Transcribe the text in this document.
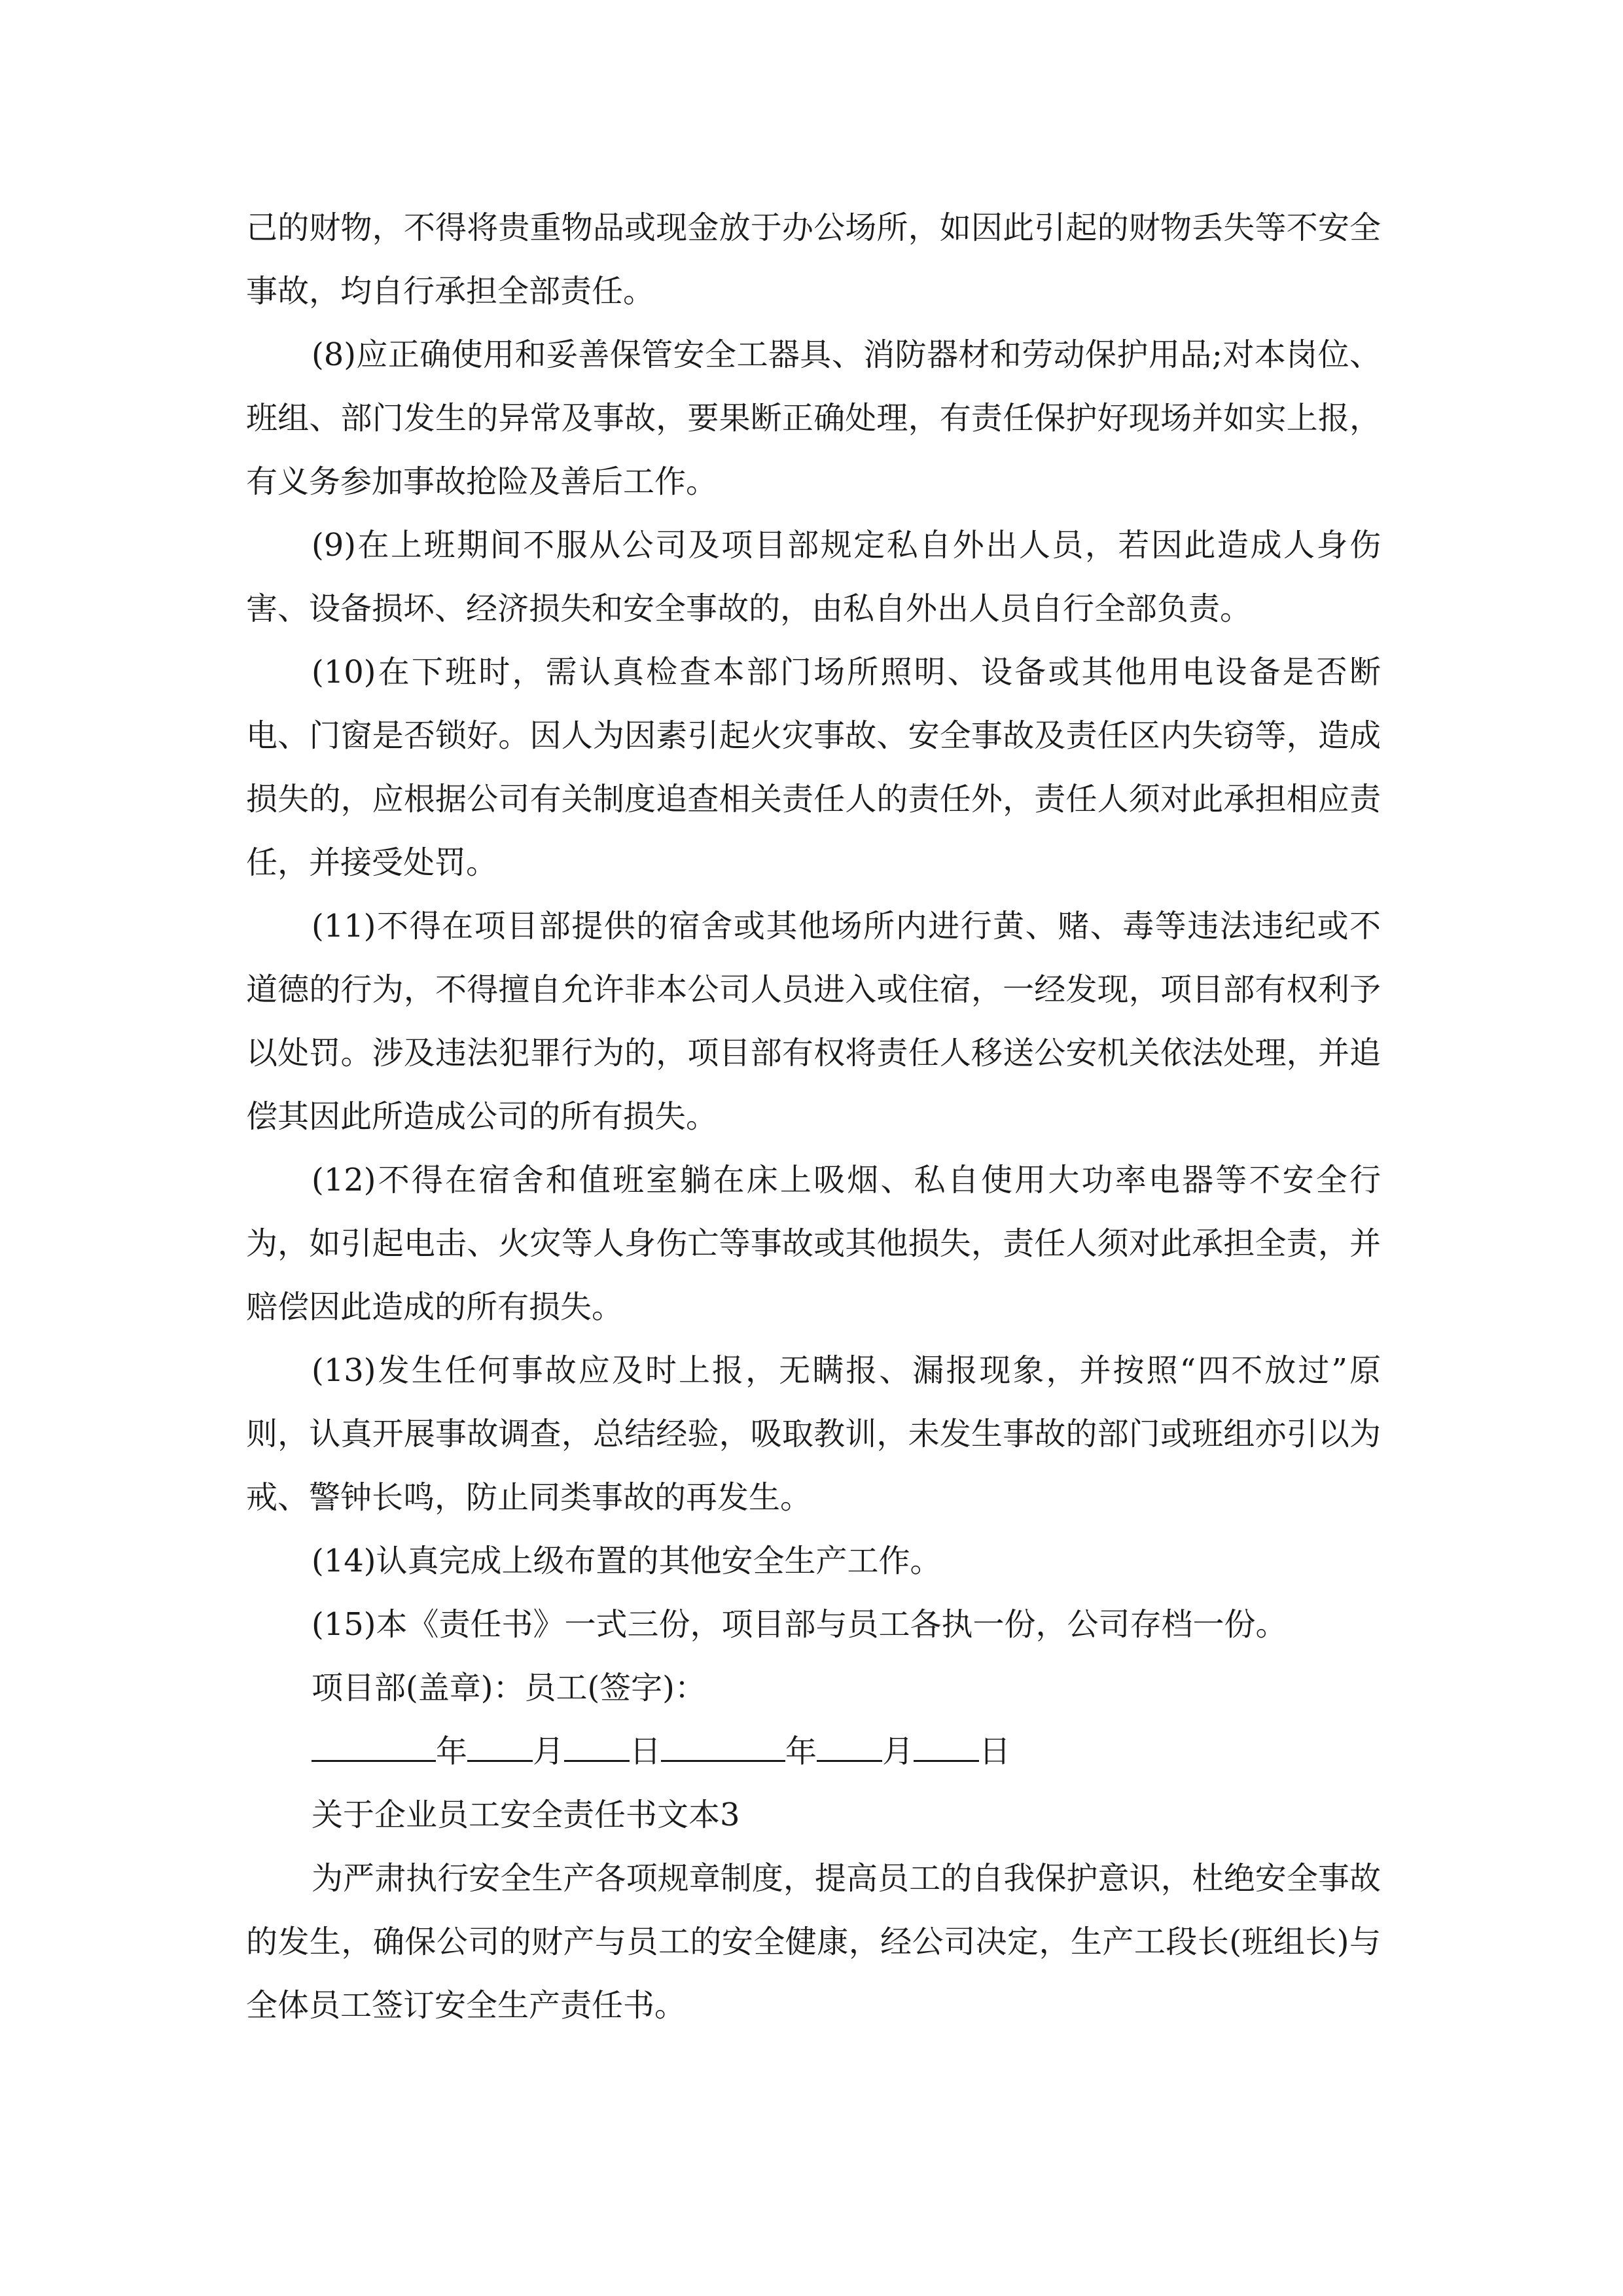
己的财物，不得将贵重物品或现金放于办公场所，如因此引起的财物丢失等不安全事故，均自行承担全部责任。

(8)应正确使用和妥善保管安全工器具、消防器材和劳动保护用品;对本岗位、班组、部门发生的异常及事故，要果断正确处理，有责任保护好现场并如实上报，有义务参加事故抢险及善后工作。

(9)在上班期间不服从公司及项目部规定私自外出人员，若因此造成人身伤害、设备损坏、经济损失和安全事故的，由私自外出人员自行全部负责。

(10)在下班时，需认真检查本部门场所照明、设备或其他用电设备是否断电、门窗是否锁好。因人为因素引起火灾事故、安全事故及责任区内失窃等，造成损失的，应根据公司有关制度追查相关责任人的责任外，责任人须对此承担相应责任，并接受处罚。

(11)不得在项目部提供的宿舍或其他场所内进行黄、赌、毒等违法违纪或不道德的行为，不得擅自允许非本公司人员进入或住宿，一经发现，项目部有权利予以处罚。涉及违法犯罪行为的，项目部有权将责任人移送公安机关依法处理，并追偿其因此所造成公司的所有损失。

(12)不得在宿舍和值班室躺在床上吸烟、私自使用大功率电器等不安全行为，如引起电击、火灾等人身伤亡等事故或其他损失，责任人须对此承担全责，并赔偿因此造成的所有损失。

(13)发生任何事故应及时上报，无瞒报、漏报现象，并按照“四不放过”原则，认真开展事故调查，总结经验，吸取教训，未发生事故的部门或班组亦引以为戒、警钟长鸣，防止同类事故的再发生。

(14)认真完成上级布置的其他安全生产工作。

(15)本《责任书》一式三份，项目部与员工各执一份，公司存档一份。

项目部(盖章)：员工(签字)：

年 月 日	年 月 日

关于企业员工安全责任书文本3

为严肃执行安全生产各项规章制度，提高员工的自我保护意识，杜绝安全事故的发生，确保公司的财产与员工的安全健康，经公司决定，生产工段长(班组长)与全体员工签订安全生产责任书。
